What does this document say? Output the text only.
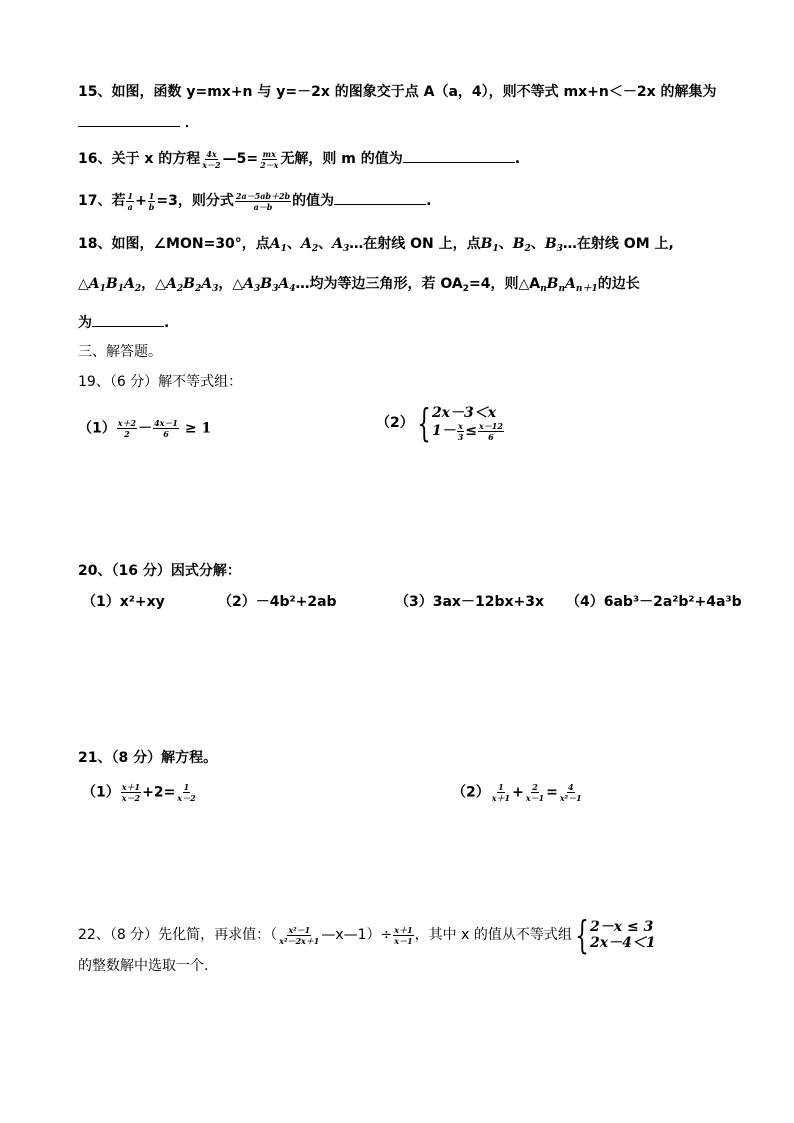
15、如图，函数 y=mx+n 与 y=－2x 的图象交于点 A（a，4），则不等式 mx+n＜－2x 的解集为
．
16、关于 x 的方程 $\frac{4x}{x-2}$ —5= $\frac{mx}{2-x}$ 无解，则 m 的值为	.
17、若 $\frac{1}{a} + \frac{1}{b} =3$，则分式 $\frac{2a-5ab+2b}{a-b}$ 的值为	.
18、如图，∠MON=30°，点$A_1$、$A_2$、$A_3\dots$在射线 ON 上，点$B_1$、$B_2$、$B_3\dots$在射线 OM 上,
$\triangle A_1B_1A_2$，$\triangle A_2B_2A_3$，$\triangle A_3B_3A_4\dots$均为等边三角形，若 $OA_2=4$，则$\triangle A_nB_nA_{n+1}$的边长
为	.
三、解答题。
19、（6 分）解不等式组：
$(1) \frac{x+2}{2} - \frac{4x-1}{6} \ge 1$	（2） { 2x－3＜x
$1- \frac{x}{3} \le \frac{x-12}{6}$
20、（16 分）因式分解：
（1）x²+xy	（2）－4b²+2ab	（3）3ax－12bx+3x （4）6ab³－2a²b²+4a³b
21、（8 分）解方程。
$(1) \frac{x+1}{x-2} +2= \frac{1}{x-2}$	$(2) \frac{1}{x+1} + \frac{2}{x-1} = \frac{4}{\text{x²－1}}$
22、（8 分）先化简，再求值：（ $\frac{\text{x²－1}}{\text{x²－2x＋1}}$ —x—1）÷ $\frac{x+1}{x-1}$ ，其中 x 的值从不等式组 { 2－x ≤ 3
2x－4＜1
的整数解中选取一个.
